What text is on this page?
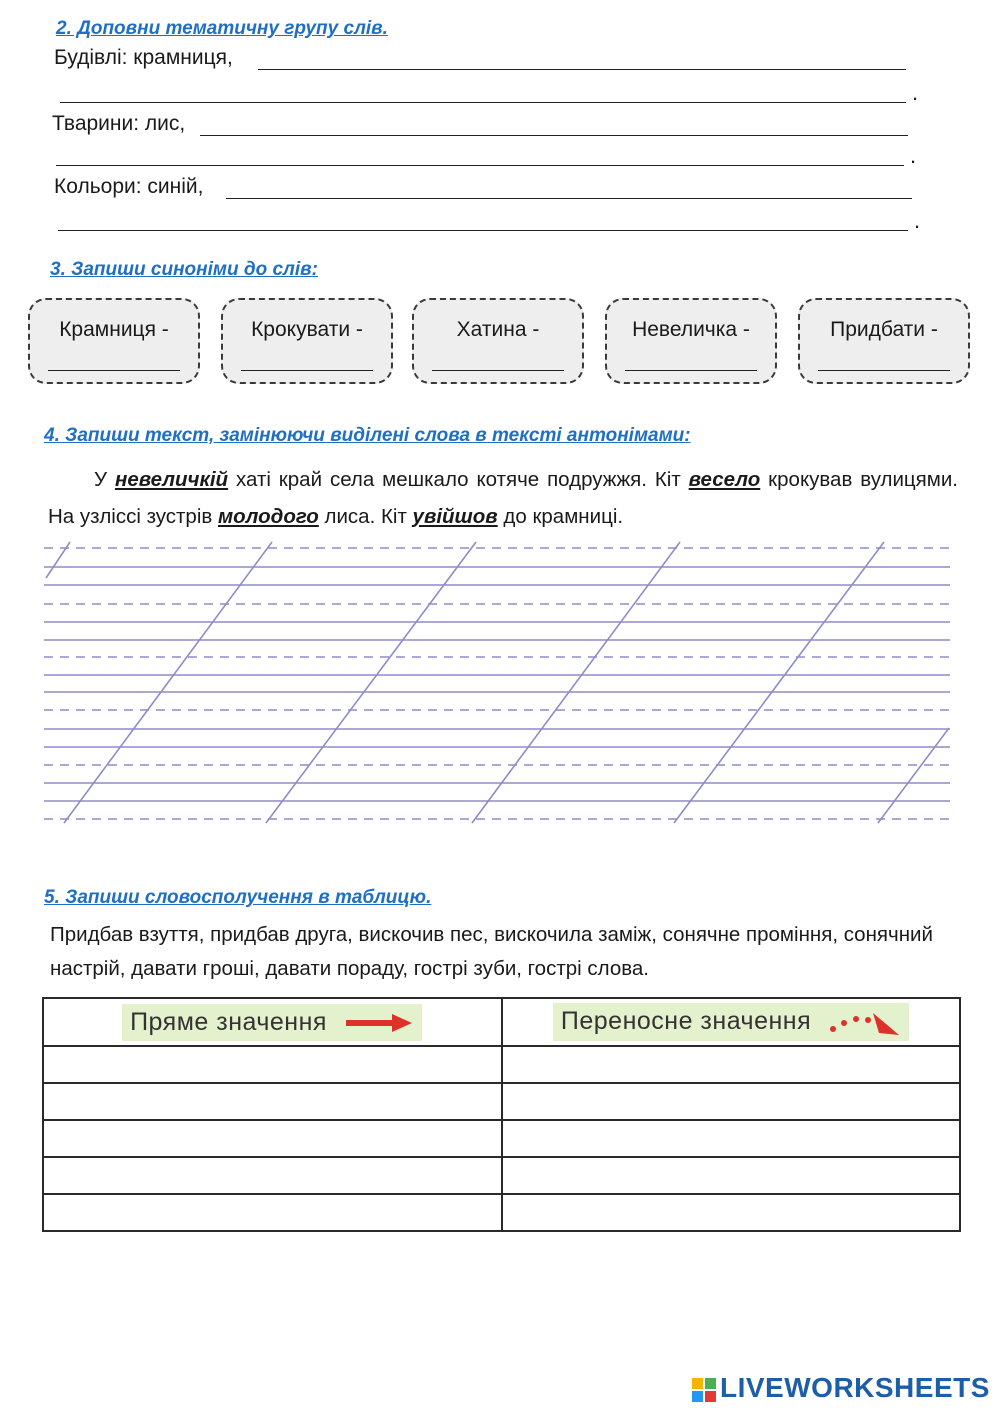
2. Доповни тематичну групу слів.
Будівлі: крамниця,
.
Тварини: лис,
.
Кольори: синій,
.
3. Запиши синоніми до слів:
Крамниця -	Крокувати -	Хатина -	Невеличка -	Придбати -
4. Запиши текст, замінюючи виділені слова в тексті антонімами:
У невеличкій хаті край села мешкало котяче подружжя. Кіт весело крокував вулицями. На узліссі зустрів молодого лиса. Кіт увійшов до крамниці.
5. Запиши словосполучення в таблицю.
Придбав взуття, придбав друга, вискочив пес, вискочила заміж, сонячне проміння, сонячний настрій, давати гроші, давати пораду, гострі зуби, гострі слова.
Пряме значення	Переносне значення

LIVEWORKSHEETS
